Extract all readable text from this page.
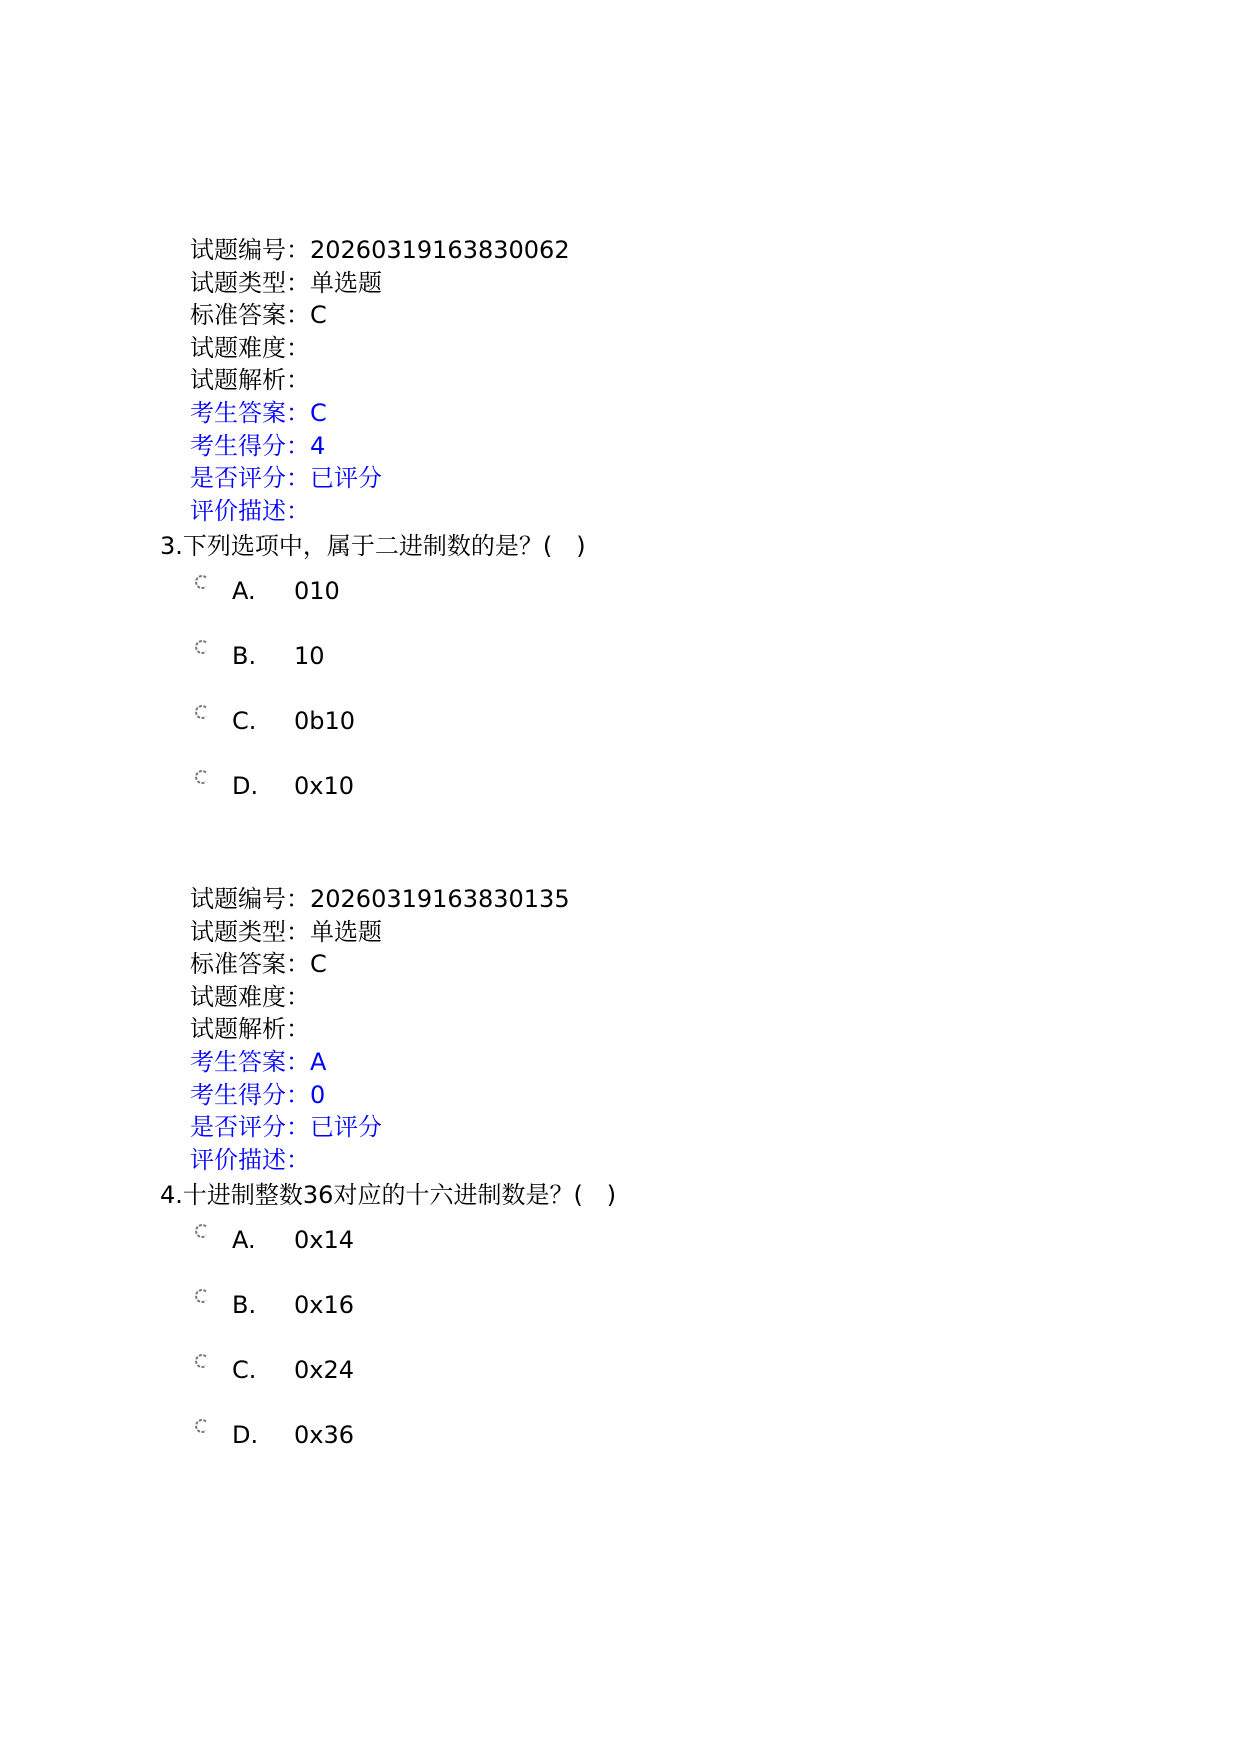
试题编号：20260319163830062
试题类型：单选题
标准答案：C
试题难度：
试题解析：
考生答案：C
考生得分：4
是否评分：已评分
评价描述：
3.下列选项中，属于二进制数的是？(　)
A. 010
B. 10
C. 0b10
D. 0x10
试题编号：20260319163830135
试题类型：单选题
标准答案：C
试题难度：
试题解析：
考生答案：A
考生得分：0
是否评分：已评分
评价描述：
4.十进制整数36对应的十六进制数是？(　)
A. 0x14
B. 0x16
C. 0x24
D. 0x36
